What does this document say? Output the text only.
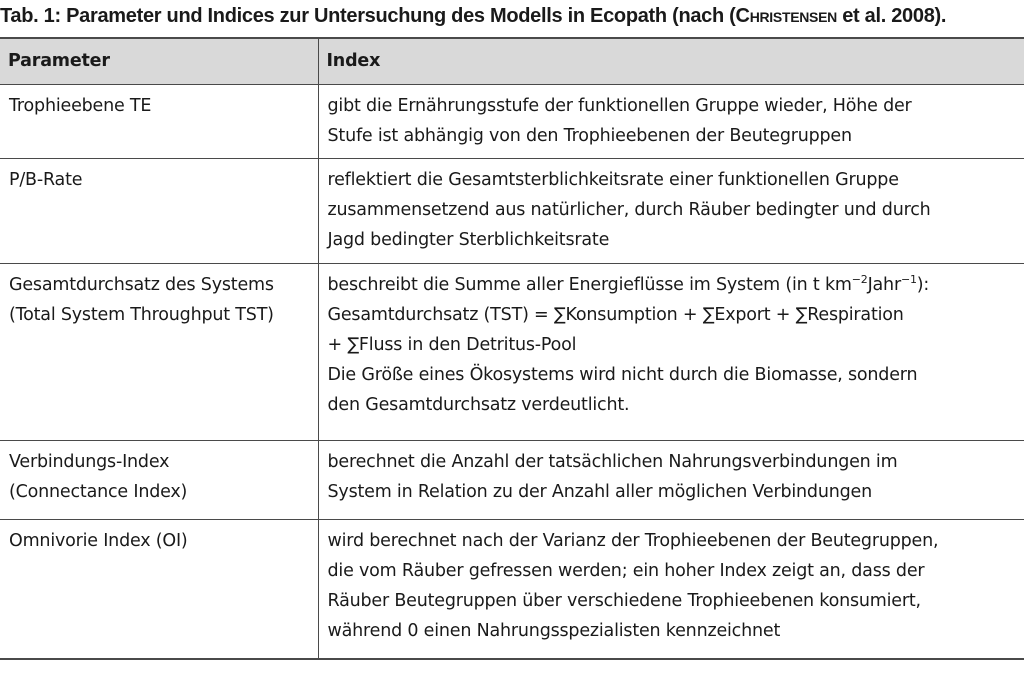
Tab. 1: Parameter und Indices zur Untersuchung des Modells in Ecopath (nach (Christensen et al. 2008).
Parameter	Index

Trophieebene TE	gibt die Ernährungsstufe der funktionellen Gruppe wieder, Höhe der
Stufe ist abhängig von den Trophieebenen der Beutegruppen

P/B-Rate	reflektiert die Gesamtsterblichkeitsrate einer funktionellen Gruppe
zusammensetzend aus natürlicher, durch Räuber bedingter und durch
Jagd bedingter Sterblichkeitsrate

Gesamtdurchsatz des Systems
(Total System Throughput TST)	beschreibt die Summe aller Energieflüsse im System (in t $km^{-2}Jahr^{-1}$):
Gesamtdurchsatz (TST) = ∑Konsumption + ∑Export + ∑Respiration
+ ∑Fluss in den Detritus-Pool
Die Größe eines Ökosystems wird nicht durch die Biomasse, sondern
den Gesamtdurchsatz verdeutlicht.

Verbindungs-Index
(Connectance Index)	berechnet die Anzahl der tatsächlichen Nahrungsverbindungen im
System in Relation zu der Anzahl aller möglichen Verbindungen

Omnivorie Index (OI)	wird berechnet nach der Varianz der Trophieebenen der Beutegruppen,
die vom Räuber gefressen werden; ein hoher Index zeigt an, dass der
Räuber Beutegruppen über verschiedene Trophieebenen konsumiert,
während 0 einen Nahrungsspezialisten kennzeichnet
